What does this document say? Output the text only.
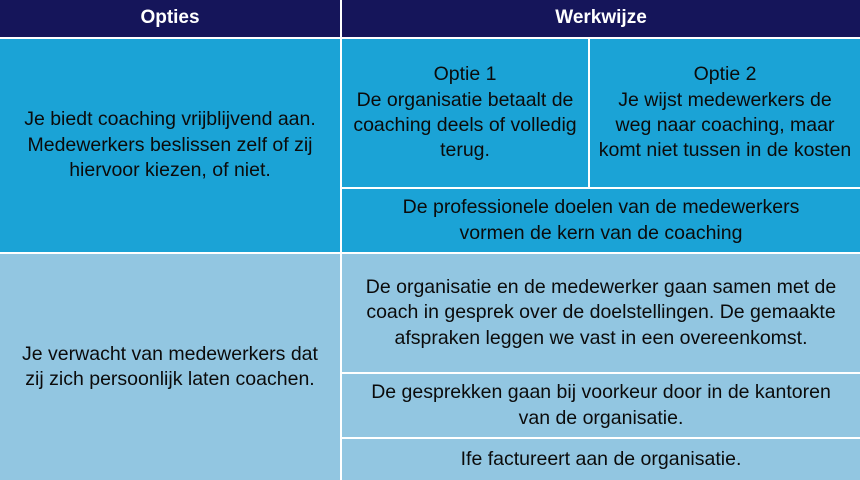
Opties	Werkwijze
Je biedt coaching vrijblijvend aan. Medewerkers beslissen zelf of zij hiervoor kiezen, of niet.
Optie 1
De organisatie betaalt de coaching deels of volledig terug.
Optie 2
Je wijst medewerkers de weg naar coaching, maar komt niet tussen in de kosten
De professionele doelen van de medewerkers vormen de kern van de coaching
Je verwacht van medewerkers dat zij zich persoonlijk laten coachen.
De organisatie en de medewerker gaan samen met de coach in gesprek over de doelstellingen. De gemaakte afspraken leggen we vast in een overeenkomst.
De gesprekken gaan bij voorkeur door in de kantoren van de organisatie.
Ife factureert aan de organisatie.
